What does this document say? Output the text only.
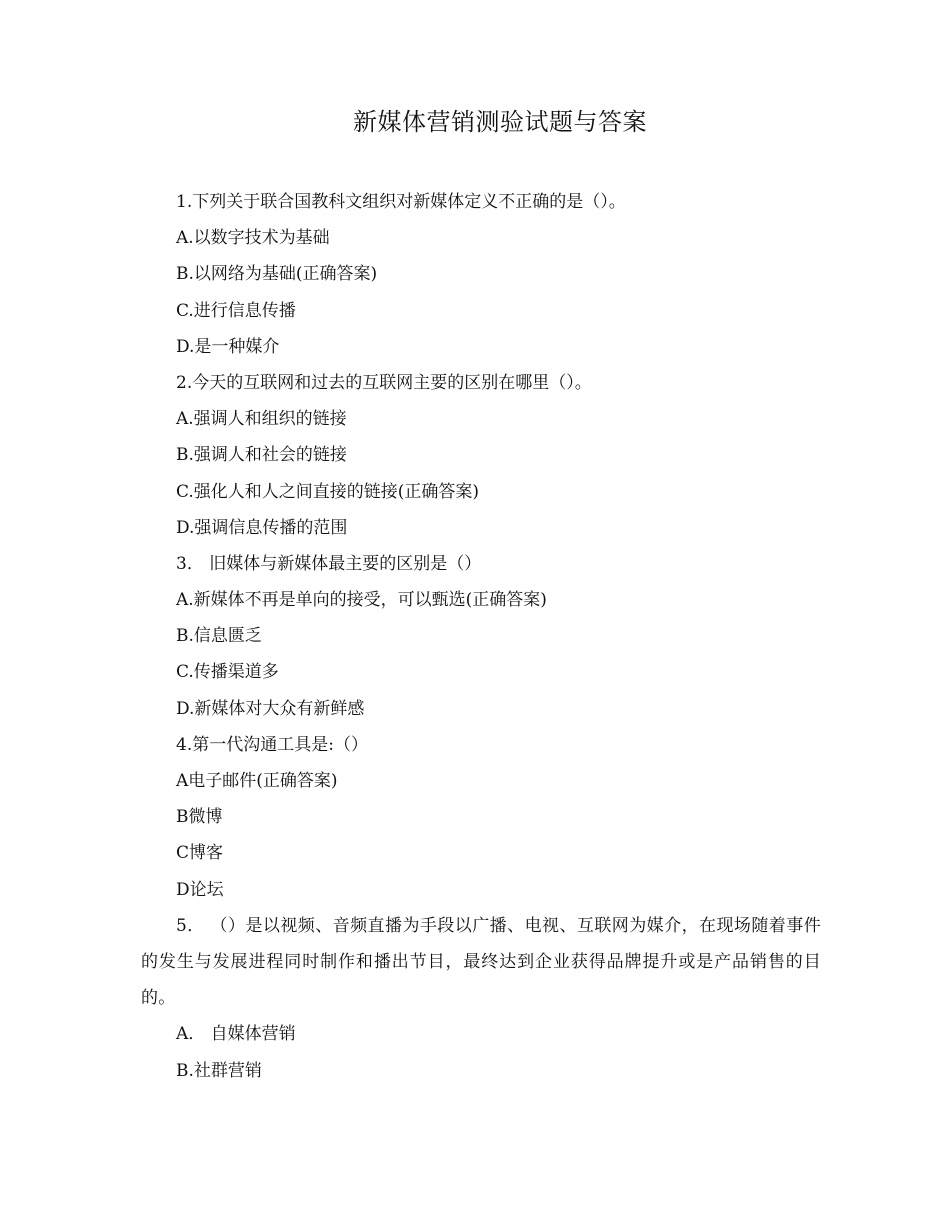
新媒体营销测验试题与答案
1.下列关于联合国教科文组织对新媒体定义不正确的是（）。
A.以数字技术为基础
B.以网络为基础(正确答案)
C.进行信息传播
D.是一种媒介
2.今天的互联网和过去的互联网主要的区别在哪里（）。
A.强调人和组织的链接
B.强调人和社会的链接
C.强化人和人之间直接的链接(正确答案)
D.强调信息传播的范围
3． 旧媒体与新媒体最主要的区别是（）
A.新媒体不再是单向的接受，可以甄选(正确答案)
B.信息匮乏
C.传播渠道多
D.新媒体对大众有新鲜感
4.第一代沟通工具是:（）
A电子邮件(正确答案)
B微博
C博客
D论坛
5． （）是以视频、音频直播为手段以广播、电视、互联网为媒介，在现场随着事件的发生与发展进程同时制作和播出节目，最终达到企业获得品牌提升或是产品销售的目的。
A． 自媒体营销
B.社群营销
